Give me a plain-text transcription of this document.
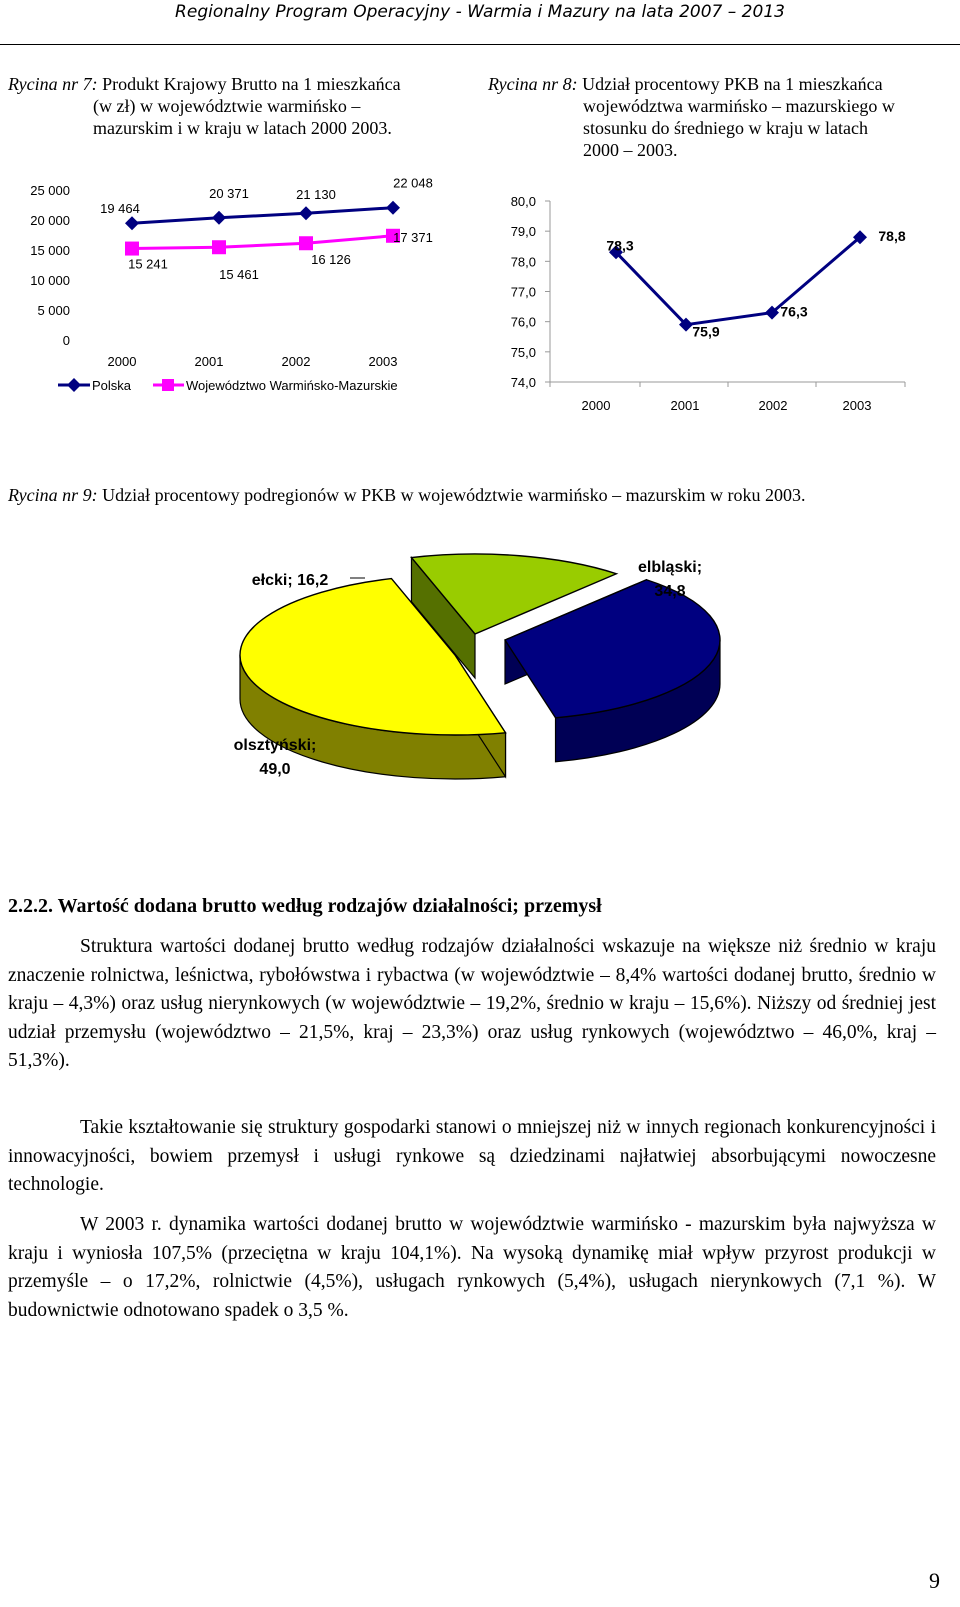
Regionalny Program Operacyjny - Warmia i Mazury na lata 2007 – 2013
Rycina nr 7: Produkt Krajowy Brutto na 1 mieszkańca
(w zł) w województwie warmińsko –
mazurskim i w kraju w latach 2000 2003.
Rycina nr 8: Udział procentowy PKB na 1 mieszkańca
województwa warmińsko – mazurskiego w
stosunku do średniego w kraju w latach
2000 – 2003.
25 000
20 000
15 000
10 000
5 000
0
2000	2001	2002	2003
19 464
20 371	21 130
22 048
15 241
15 461
16 126
17 371
Polska	Województwo Warmińsko-Mazurskie
80,0
79,0
78,0
77,0
76,0
75,0
74,0
2000	2001	2002	2003
78,3
75,9
76,3
78,8
Rycina nr 9: Udział procentowy podregionów w PKB w województwie warmińsko – mazurskim w roku 2003.
ełcki; 16,2
elbląski;
34,8
olsztyński;
49,0
2.2.2. Wartość dodana brutto według rodzajów działalności; przemysł
Struktura wartości dodanej brutto według rodzajów działalności wskazuje na większe niż średnio w kraju znaczenie rolnictwa, leśnictwa, rybołówstwa i rybactwa (w województwie – 8,4% wartości dodanej brutto, średnio w kraju – 4,3%) oraz usług nierynkowych (w województwie – 19,2%, średnio w kraju – 15,6%). Niższy od średniej jest udział przemysłu (województwo – 21,5%, kraj – 23,3%) oraz usług rynkowych (województwo – 46,0%, kraj – 51,3%).
Takie kształtowanie się struktury gospodarki stanowi o mniejszej niż w innych regionach konkurencyjności i innowacyjności, bowiem przemysł i usługi rynkowe są dziedzinami najłatwiej absorbującymi nowoczesne technologie.
W 2003 r. dynamika wartości dodanej brutto w województwie warmińsko - mazurskim była najwyższa w kraju i wyniosła 107,5% (przeciętna w kraju 104,1%). Na wysoką dynamikę miał wpływ przyrost produkcji w przemyśle – o 17,2%, rolnictwie (4,5%), usługach rynkowych (5,4%), usługach nierynkowych (7,1 %). W budownictwie odnotowano spadek o 3,5 %.
9
